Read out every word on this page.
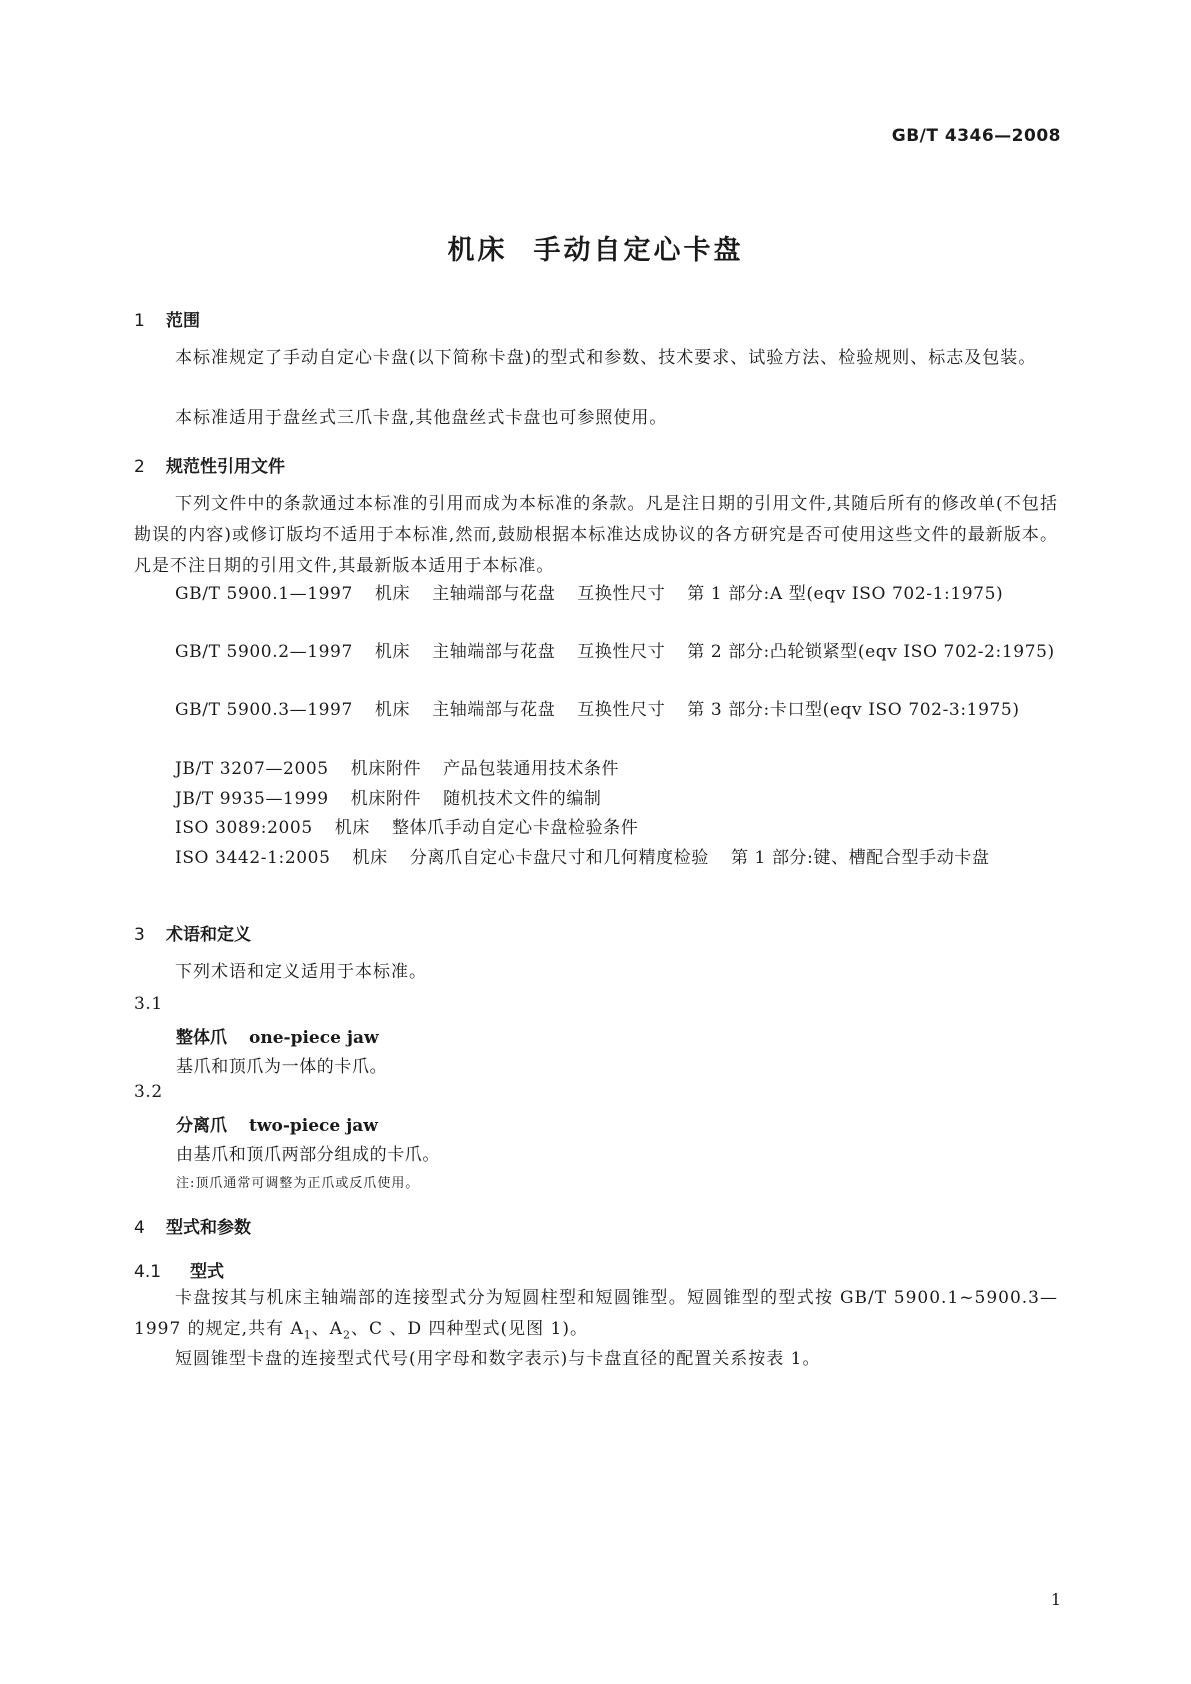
GB/T 4346—2008
机床 手动自定心卡盘
1 范围
本标准规定了手动自定心卡盘(以下简称卡盘)的型式和参数、技术要求、试验方法、检验规则、标志及包装。
本标准适用于盘丝式三爪卡盘,其他盘丝式卡盘也可参照使用。
2 规范性引用文件
下列文件中的条款通过本标准的引用而成为本标准的条款。凡是注日期的引用文件,其随后所有的修改单(不包括勘误的内容)或修订版均不适用于本标准,然而,鼓励根据本标准达成协议的各方研究是否可使用这些文件的最新版本。凡是不注日期的引用文件,其最新版本适用于本标准。
GB/T 5900.1—1997 机床 主轴端部与花盘 互换性尺寸 第 1 部分:A 型(eqv ISO 702-1:1975)
GB/T 5900.2—1997 机床 主轴端部与花盘 互换性尺寸 第 2 部分:凸轮锁紧型(eqv ISO 702-2:1975)
GB/T 5900.3—1997 机床 主轴端部与花盘 互换性尺寸 第 3 部分:卡口型(eqv ISO 702-3:1975)
JB/T 3207—2005 机床附件 产品包装通用技术条件
JB/T 9935—1999 机床附件 随机技术文件的编制
ISO 3089:2005 机床 整体爪手动自定心卡盘检验条件
ISO 3442-1:2005 机床 分离爪自定心卡盘尺寸和几何精度检验 第 1 部分:键、槽配合型手动卡盘
3 术语和定义
下列术语和定义适用于本标准。
3.1
整体爪 one-piece jaw
基爪和顶爪为一体的卡爪。
3.2
分离爪 two-piece jaw
由基爪和顶爪两部分组成的卡爪。
注:顶爪通常可调整为正爪或反爪使用。
4 型式和参数
4.1 型式
卡盘按其与机床主轴端部的连接型式分为短圆柱型和短圆锥型。短圆锥型的型式按 GB/T 5900.1~5900.3—1997 的规定,共有 $A_1$、$A_2$、C 、D 四种型式(见图 1)。
短圆锥型卡盘的连接型式代号(用字母和数字表示)与卡盘直径的配置关系按表 1。
1
